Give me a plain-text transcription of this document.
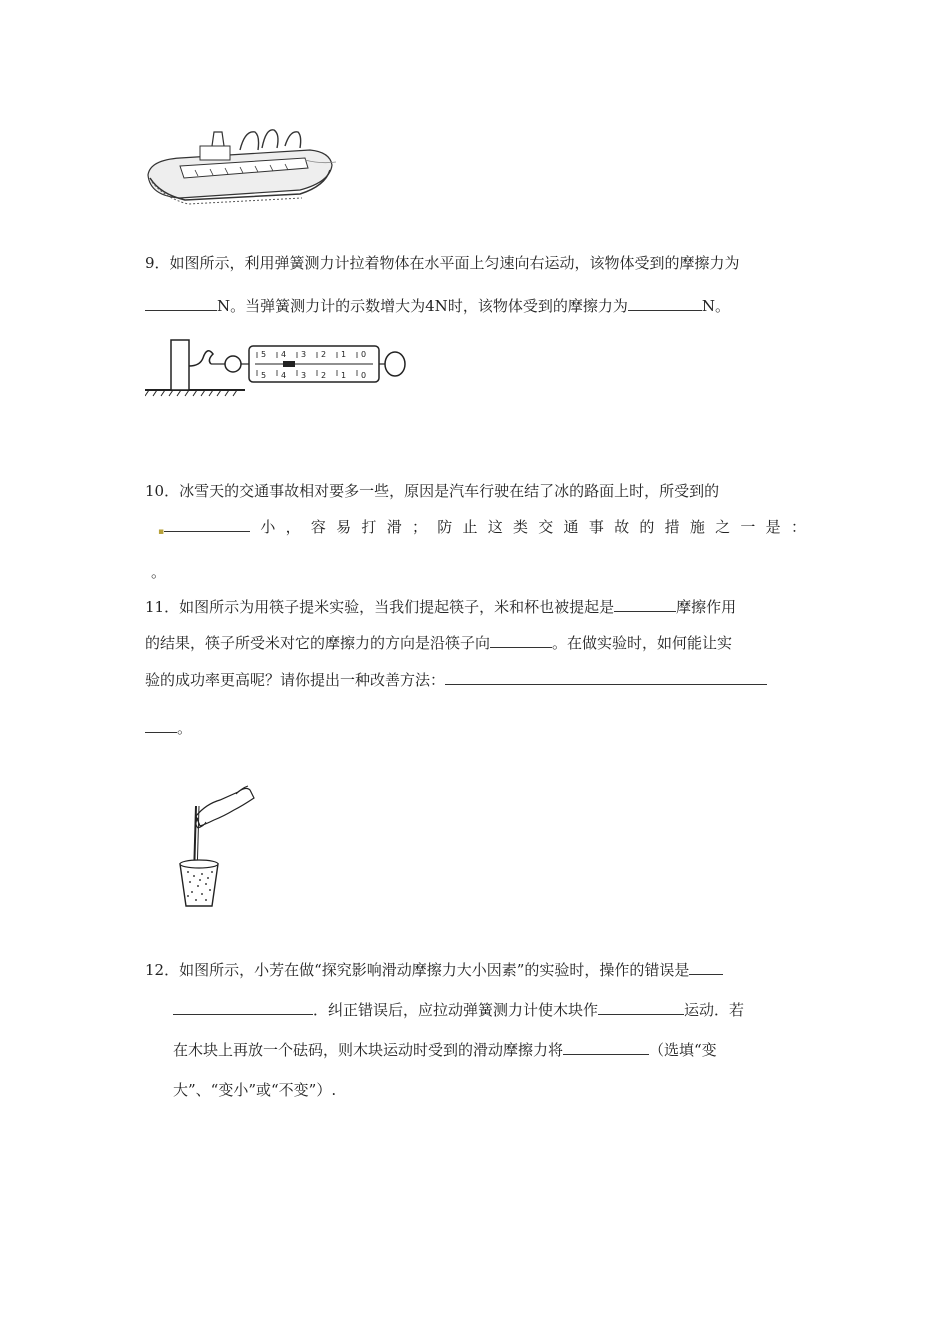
9．如图所示，利用弹簧测力计拉着物体在水平面上匀速向右运动，该物体受到的摩擦力为
N。当弹簧测力计的示数增大为4N时，该物体受到的摩擦力为	N。
5 4 3 2 1 0
5 4 3 2 1 0
10．冰雪天的交通事故相对要多一些，原因是汽车行驶在结了冰的路面上时，所受到的
▪	小 ， 容 易 打 滑 ； 防 止 这 类 交 通 事 故 的 措 施 之 一 是 ：
。
11．如图所示为用筷子提米实验，当我们提起筷子，米和杯也被提起是	摩擦作用
的结果，筷子所受米对它的摩擦力的方向是沿筷子向	。在做实验时，如何能让实
验的成功率更高呢？请你提出一种改善方法：
。
12．如图所示，小芳在做“探究影响滑动摩擦力大小因素”的实验时，操作的错误是
．纠正错误后，应拉动弹簧测力计使木块作	运动．若
在木块上再放一个砝码，则木块运动时受到的滑动摩擦力将	（选填“变
大”、“变小”或“不变”）.
